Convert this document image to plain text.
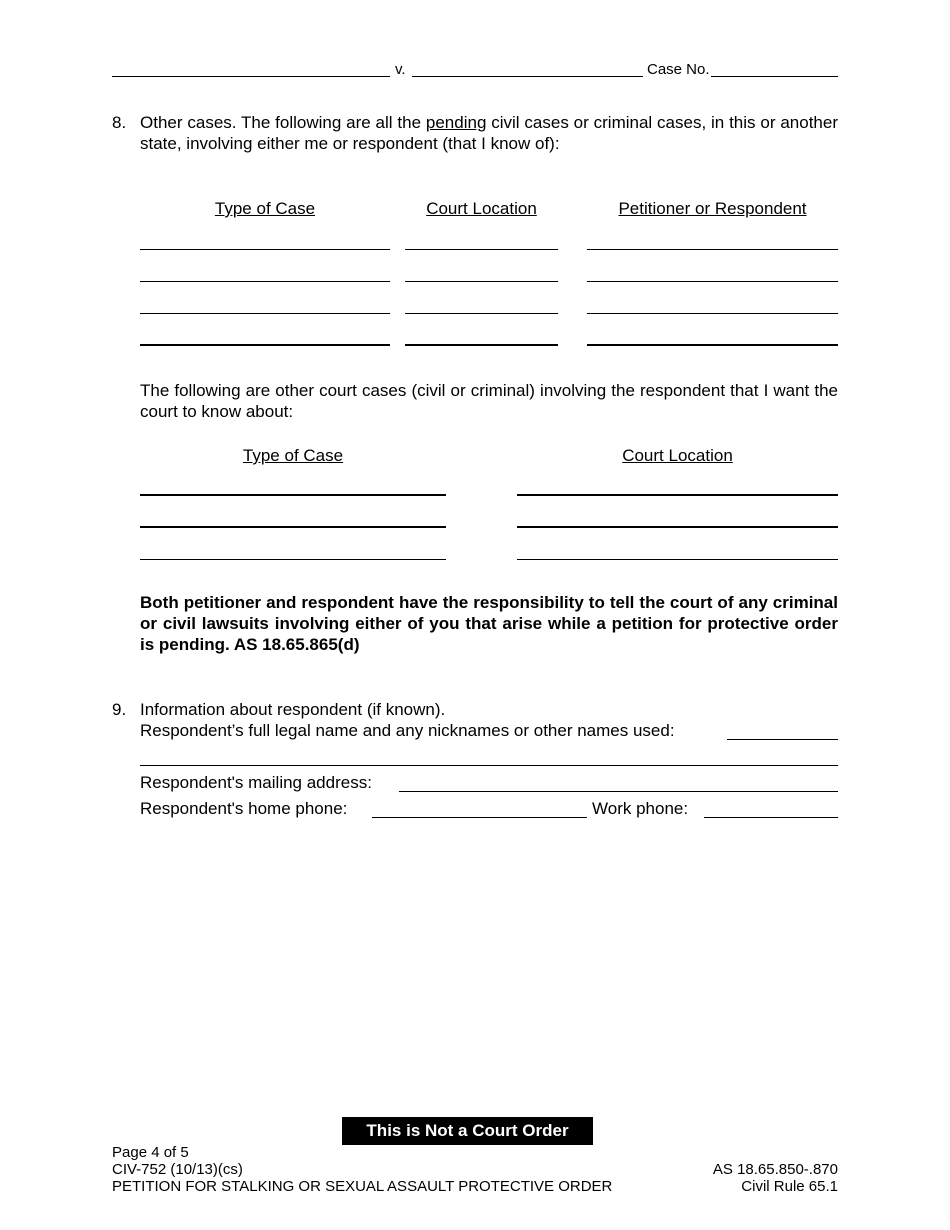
v.	Case No.
8. Other cases. The following are all the pending civil cases or criminal cases, in this or another state, involving either me or respondent (that I know of):
Type of Case	Court Location	Petitioner or Respondent
The following are other court cases (civil or criminal) involving the respondent that I want the court to know about:
Type of Case	Court Location
Both petitioner and respondent have the responsibility to tell the court of any criminal or civil lawsuits involving either of you that arise while a petition for protective order is pending. AS 18.65.865(d)
9. Information about respondent (if known).
Respondent’s full legal name and any nicknames or other names used:
Respondent's mailing address:
Respondent's home phone:	Work phone:
This is Not a Court Order
Page 4 of 5
CIV-752 (10/13)(cs)
PETITION FOR STALKING OR SEXUAL ASSAULT PROTECTIVE ORDER
AS 18.65.850-.870
Civil Rule 65.1
